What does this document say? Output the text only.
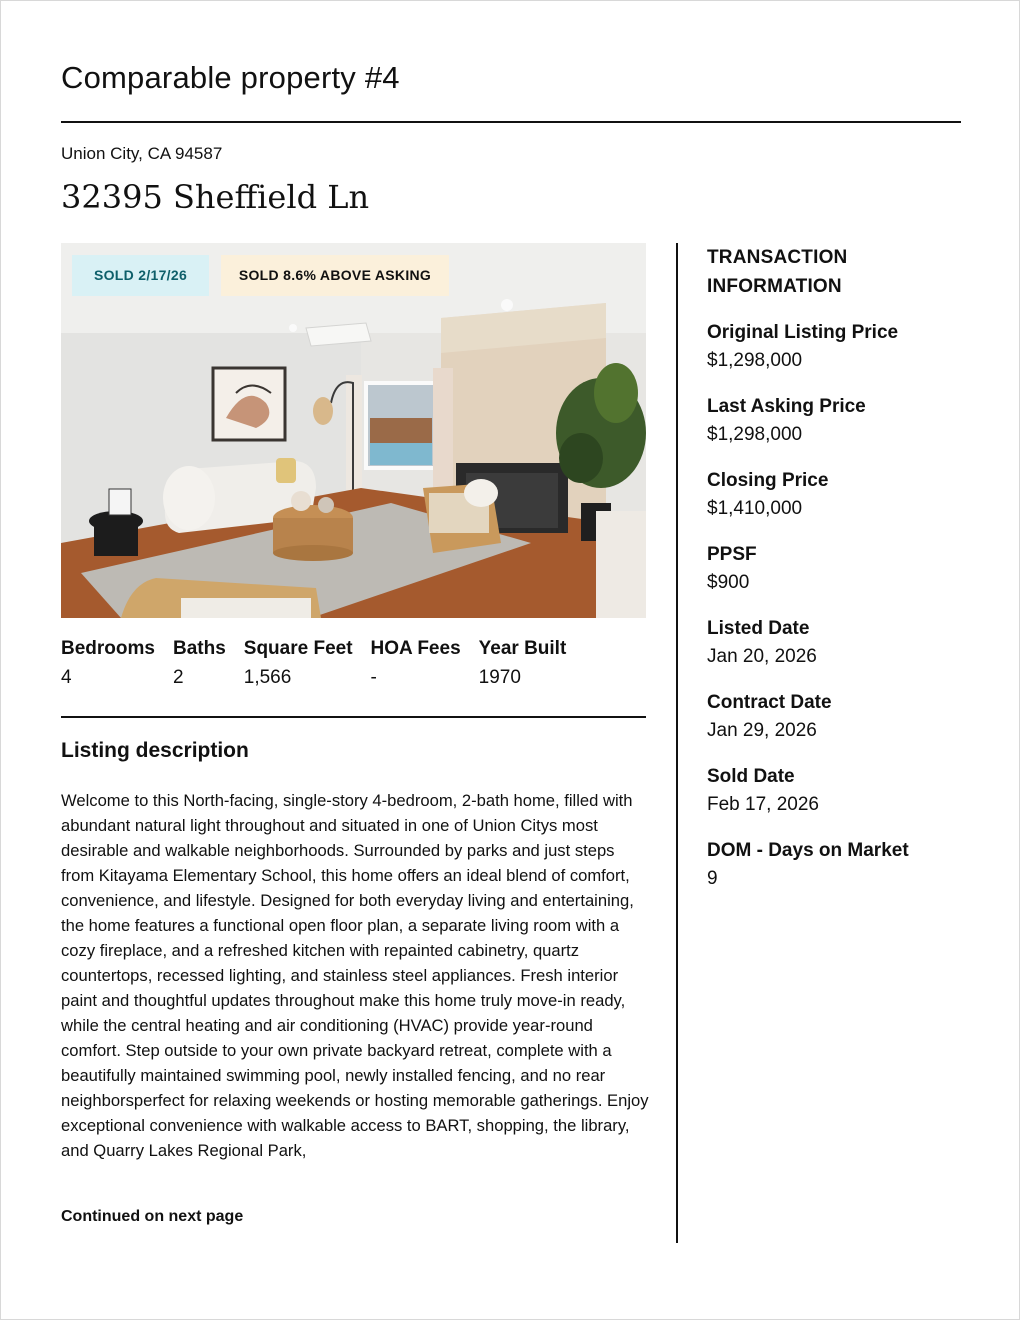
Comparable property #4
Union City, CA 94587
32395 Sheffield Ln
SOLD 2/17/26	SOLD 8.6% ABOVE ASKING
Bedrooms
4
Baths
2
Square Feet
1,566
HOA Fees
-
Year Built
1970
Listing description
Welcome to this North-facing, single-story 4-bedroom, 2-bath home, filled with abundant natural light throughout and situated in one of Union Citys most desirable and walkable neighborhoods. Surrounded by parks and just steps from Kitayama Elementary School, this home offers an ideal blend of comfort, convenience, and lifestyle. Designed for both everyday living and entertaining, the home features a functional open floor plan, a separate living room with a cozy fireplace, and a refreshed kitchen with repainted cabinetry, quartz countertops, recessed lighting, and stainless steel appliances. Fresh interior paint and thoughtful updates throughout make this home truly move-in ready, while the central heating and air conditioning (HVAC) provide year-round comfort. Step outside to your own private backyard retreat, complete with a beautifully maintained swimming pool, newly installed fencing, and no rear neighborsperfect for relaxing weekends or hosting memorable gatherings. Enjoy exceptional convenience with walkable access to BART, shopping, the library, and Quarry Lakes Regional Park,
Continued on next page
TRANSACTION INFORMATION
Original Listing Price
$1,298,000
Last Asking Price
$1,298,000
Closing Price
$1,410,000
PPSF
$900
Listed Date
Jan 20, 2026
Contract Date
Jan 29, 2026
Sold Date
Feb 17, 2026
DOM - Days on Market
9
